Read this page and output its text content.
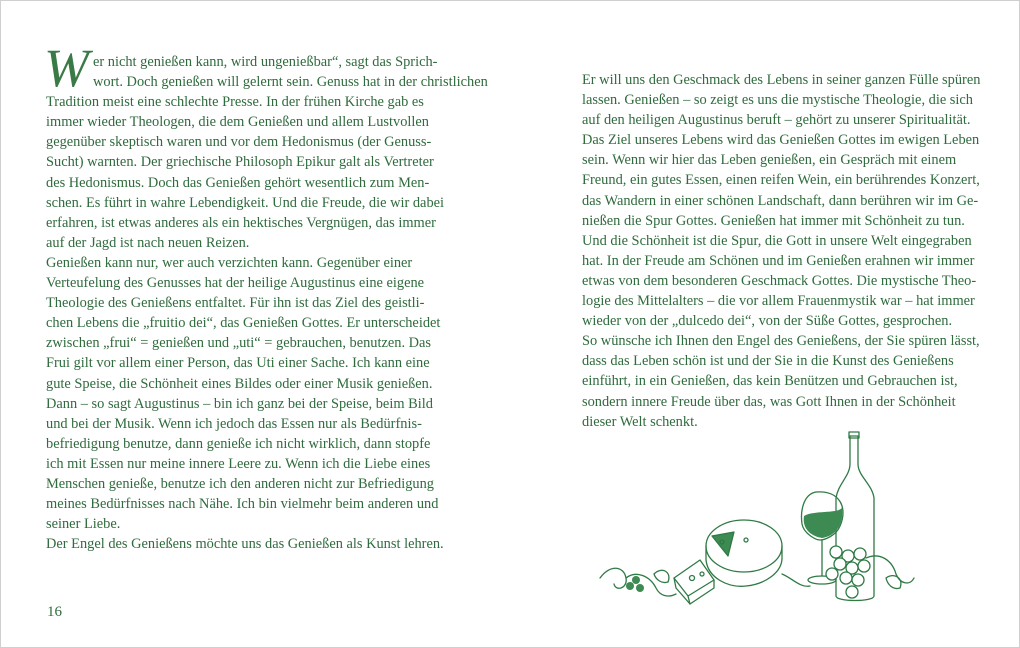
W er nicht genießen kann, wird ungenießbar“, sagt das Sprich-
wort. Doch genießen will gelernt sein. Genuss hat in der christlichen
Tradition meist eine schlechte Presse. In der frühen Kirche gab es
immer wieder Theologen, die dem Genießen und allem Lustvollen
gegenüber skeptisch waren und vor dem Hedonismus (der Genuss-
Sucht) warnten. Der griechische Philosoph Epikur galt als Vertreter
des Hedonismus. Doch das Genießen gehört wesentlich zum Men-
schen. Es führt in wahre Lebendigkeit. Und die Freude, die wir dabei
erfahren, ist etwas anderes als ein hektisches Vergnügen, das immer
auf der Jagd ist nach neuen Reizen.
Genießen kann nur, wer auch verzichten kann. Gegenüber einer
Verteufelung des Genusses hat der heilige Augustinus eine eigene
Theologie des Genießens entfaltet. Für ihn ist das Ziel des geistli-
chen Lebens die „fruitio dei“, das Genießen Gottes. Er unterscheidet
zwischen „frui“ = genießen und „uti“ = gebrauchen, benutzen. Das
Frui gilt vor allem einer Person, das Uti einer Sache. Ich kann eine
gute Speise, die Schönheit eines Bildes oder einer Musik genießen.
Dann – so sagt Augustinus – bin ich ganz bei der Speise, beim Bild
und bei der Musik. Wenn ich jedoch das Essen nur als Bedürfnis-
befriedigung benutze, dann genieße ich nicht wirklich, dann stopfe
ich mit Essen nur meine innere Leere zu. Wenn ich die Liebe eines
Menschen genieße, benutze ich den anderen nicht zur Befriedigung
meines Bedürfnisses nach Nähe. Ich bin vielmehr beim anderen und
seiner Liebe.
Der Engel des Genießens möchte uns das Genießen als Kunst lehren.
16
Er will uns den Geschmack des Lebens in seiner ganzen Fülle spüren
lassen. Genießen – so zeigt es uns die mystische Theologie, die sich
auf den heiligen Augustinus beruft – gehört zu unserer Spiritualität.
Das Ziel unseres Lebens wird das Genießen Gottes im ewigen Leben
sein. Wenn wir hier das Leben genießen, ein Gespräch mit einem
Freund, ein gutes Essen, einen reifen Wein, ein berührendes Konzert,
das Wandern in einer schönen Landschaft, dann berühren wir im Ge-
nießen die Spur Gottes. Genießen hat immer mit Schönheit zu tun.
Und die Schönheit ist die Spur, die Gott in unsere Welt eingegraben
hat. In der Freude am Schönen und im Genießen erahnen wir immer
etwas von dem besonderen Geschmack Gottes. Die mystische Theo-
logie des Mittelalters – die vor allem Frauenmystik war – hat immer
wieder von der „dulcedo dei“, von der Süße Gottes, gesprochen.
So wünsche ich Ihnen den Engel des Genießens, der Sie spüren lässt,
dass das Leben schön ist und der Sie in die Kunst des Genießens
einführt, in ein Genießen, das kein Benützen und Gebrauchen ist,
sondern innere Freude über das, was Gott Ihnen in der Schönheit
dieser Welt schenkt.
